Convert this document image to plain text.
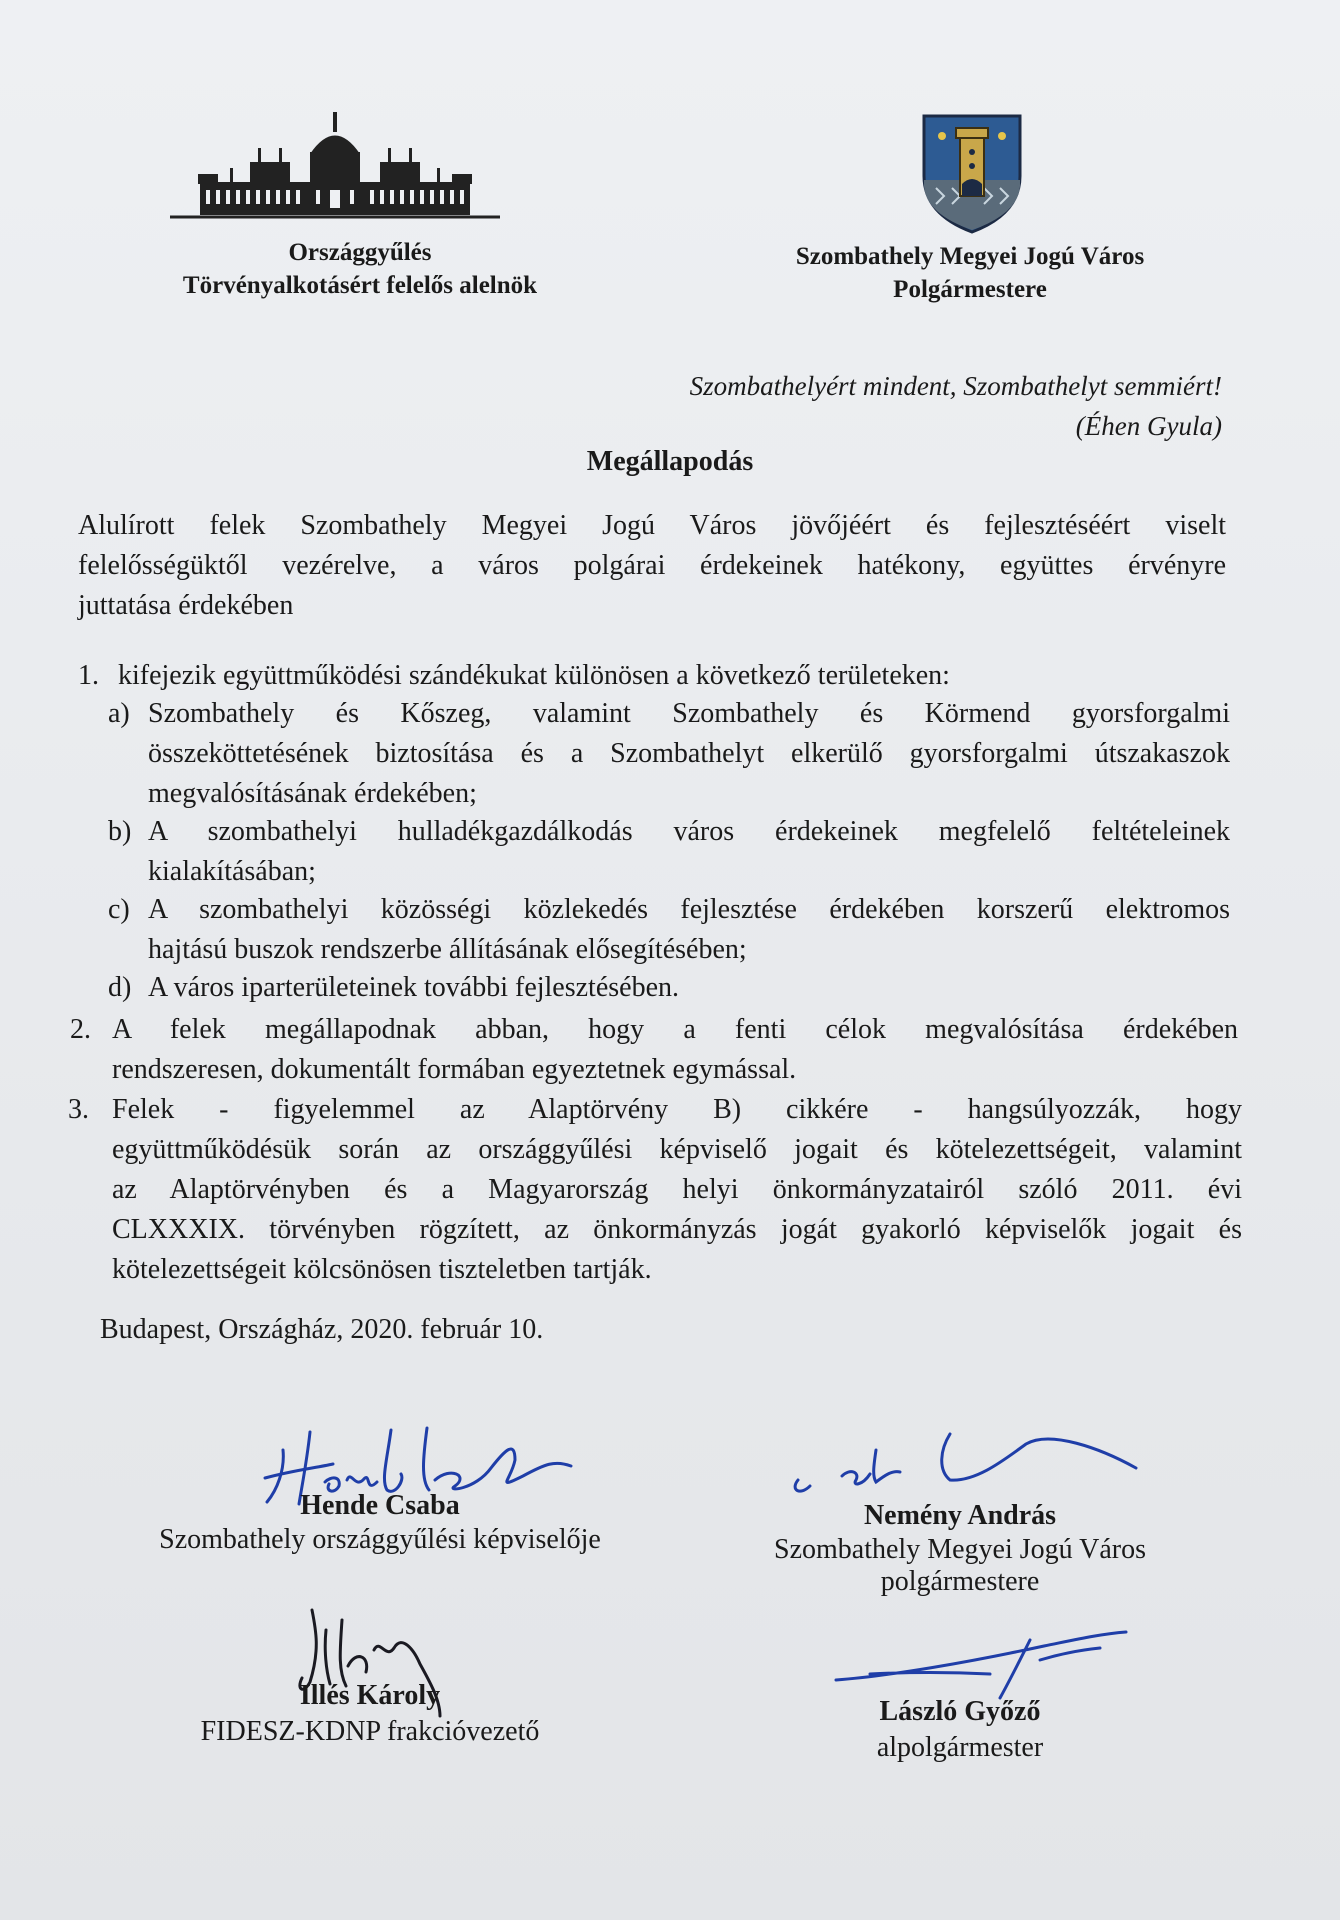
Országgyűlés
Törvényalkotásért felelős alelnök
Szombathely Megyei Jogú Város
Polgármestere
Szombathelyért mindent, Szombathelyt semmiért!
(Éhen Gyula)
Megállapodás
Alulírott felek Szombathely Megyei Jogú Város jövőjéért és fejlesztéséért viselt
felelősségüktől vezérelve, a város polgárai érdekeinek hatékony, együttes érvényre
juttatása érdekében
1. kifejezik együttműködési szándékukat különösen a következő területeken:
a) Szombathely és Kőszeg, valamint Szombathely és Körmend gyorsforgalmi
összeköttetésének biztosítása és a Szombathelyt elkerülő gyorsforgalmi útszakaszok
megvalósításának érdekében;
b) A szombathelyi hulladékgazdálkodás város érdekeinek megfelelő feltételeinek
kialakításában;
c) A szombathelyi közösségi közlekedés fejlesztése érdekében korszerű elektromos
hajtású buszok rendszerbe állításának elősegítésében;
d) A város iparterületeinek további fejlesztésében.
2. A felek megállapodnak abban, hogy a fenti célok megvalósítása érdekében
rendszeresen, dokumentált formában egyeztetnek egymással.
3. Felek - figyelemmel az Alaptörvény B) cikkére - hangsúlyozzák, hogy
együttműködésük során az országgyűlési képviselő jogait és kötelezettségeit, valamint
az Alaptörvényben és a Magyarország helyi önkormányzatairól szóló 2011. évi
CLXXXIX. törvényben rögzített, az önkormányzás jogát gyakorló képviselők jogait és
kötelezettségeit kölcsönösen tiszteletben tartják.
Budapest, Országház, 2020. február 10.
Hende Csaba
Szombathely országgyűlési képviselője
Illés Károly
FIDESZ-KDNP frakcióvezető
Nemény András
Szombathely Megyei Jogú Város
polgármestere
László Győző
alpolgármester
